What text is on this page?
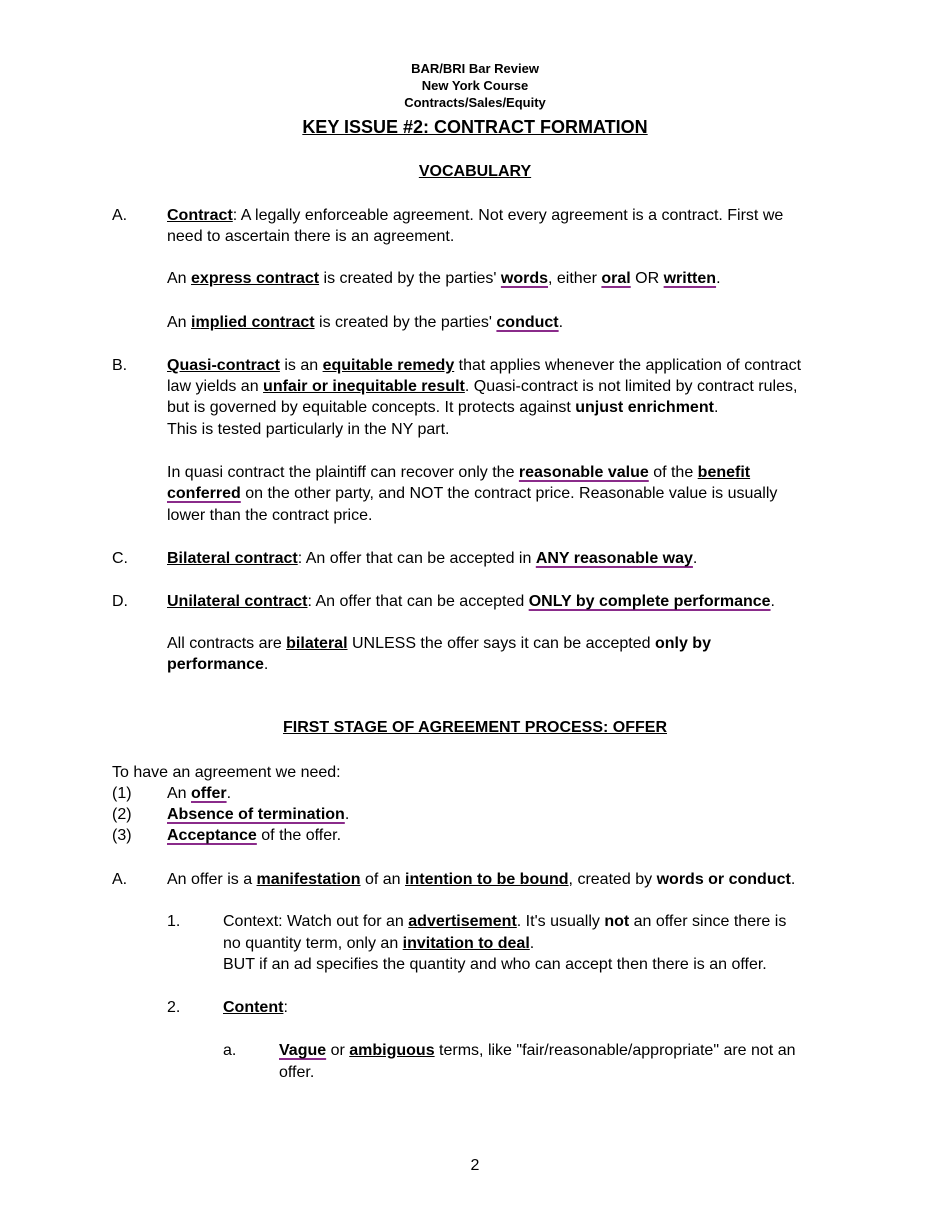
BAR/BRI Bar Review
New York Course
Contracts/Sales/Equity
KEY ISSUE #2: CONTRACT FORMATION
VOCABULARY
A. Contract: A legally enforceable agreement. Not every agreement is a contract. First we
need to ascertain there is an agreement.
An express contract is created by the parties' words, either oral OR written.
An implied contract is created by the parties' conduct.
B. Quasi-contract is an equitable remedy that applies whenever the application of contract
law yields an unfair or inequitable result. Quasi-contract is not limited by contract rules,
but is governed by equitable concepts. It protects against unjust enrichment.
This is tested particularly in the NY part.
In quasi contract the plaintiff can recover only the reasonable value of the benefit
conferred on the other party, and NOT the contract price. Reasonable value is usually
lower than the contract price.
C. Bilateral contract: An offer that can be accepted in ANY reasonable way.
D. Unilateral contract: An offer that can be accepted ONLY by complete performance.
All contracts are bilateral UNLESS the offer says it can be accepted only by
performance.
FIRST STAGE OF AGREEMENT PROCESS: OFFER
To have an agreement we need:
(1) An offer.
(2) Absence of termination.
(3) Acceptance of the offer.
A. An offer is a manifestation of an intention to be bound, created by words or conduct.
1.	Context: Watch out for an advertisement. It's usually not an offer since there is
no quantity term, only an invitation to deal.
BUT if an ad specifies the quantity and who can accept then there is an offer.
2.	Content:
a.	Vague or ambiguous terms, like "fair/reasonable/appropriate" are not an
offer.
2
